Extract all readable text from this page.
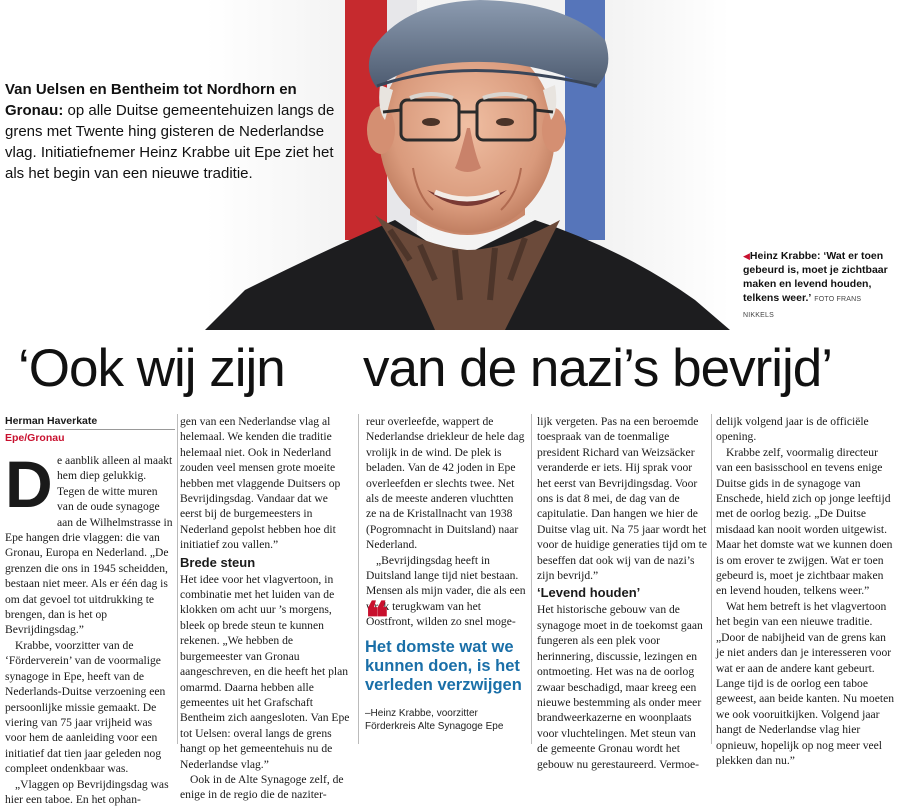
Van Uelsen en Bentheim tot Nordhorn en Gronau: op alle Duitse gemeentehuizen langs de grens met Twente hing gisteren de Nederlandse vlag. Initiatiefnemer Heinz Krabbe uit Epe ziet het als het begin van een nieuwe traditie.

◀Heinz Krabbe: ‘Wat er toen gebeurd is, moet je zichtbaar maken en levend houden, telkens weer.’ FOTO FRANS NIKKELS
‘Ook wij zijn van de nazi’s bevrijd’
Herman Haverkate
Epe/Gronau

De aanblik alleen al maakt hem diep gelukkig. Tegen de witte muren van de oude synagoge aan de Wilhelmstrasse in Epe hangen drie vlaggen: die van Gronau, Europa en Nederland. „De grenzen die ons in 1945 scheidden, bestaan niet meer. Als er één dag is om dat gevoel tot uitdrukking te brengen, dan is het op Bevrijdingsdag.”

Krabbe, voorzitter van de ‘Förderverein’ van de voormalige synagoge in Epe, heeft van de Nederlands-Duitse verzoening een persoonlijke missie gemaakt. De viering van 75 jaar vrijheid was voor hem de aanleiding voor een initiatief dat tien jaar geleden nog compleet ondenkbaar was.

„Vlaggen op Bevrijdingsdag was hier een taboe. En het ophan-

gen van een Nederlandse vlag al helemaal. We kenden die traditie helemaal niet. Ook in Nederland zouden veel mensen grote moeite hebben met vlaggende Duitsers op Bevrijdingsdag. Vandaar dat we eerst bij de burgemeesters in Nederland gepolst hebben hoe dit initiatief zou vallen.”

Brede steun

Het idee voor het vlagvertoon, in combinatie met het luiden van de klokken om acht uur ’s morgens, bleek op brede steun te kunnen rekenen. „We hebben de burgemeester van Gronau aangeschreven, en die heeft het plan omarmd. Daarna hebben alle gemeentes uit het Grafschaft Bentheim zich aangesloten. Van Epe tot Uelsen: overal langs de grens hangt op het gemeentehuis nu de Nederlandse vlag.”

Ook in de Alte Synagoge zelf, de enige in de regio die de naziter-

reur overleefde, wappert de Nederlandse driekleur de hele dag vrolijk in de wind. De plek is beladen. Van de 42 joden in Epe overleefden er slechts twee. Net als de meeste anderen vluchtten ze na de Kristallnacht van 1938 (Pogromnacht in Duitsland) naar Nederland.

„Bevrijdingsdag heeft in Duitsland lange tijd niet bestaan. Mensen als mijn vader, die als een wrak terugkwam van het Oostfront, wilden zo snel moge-

❝
Het domste wat we kunnen doen, is het verleden verzwijgen
–Heinz Krabbe, voorzitter Förderkreis Alte Synagoge Epe

lijk vergeten. Pas na een beroemde toespraak van de toenmalige president Richard van Weizsäcker veranderde er iets. Hij sprak voor het eerst van Bevrijdingsdag. Voor ons is dat 8 mei, de dag van de capitulatie. Dan hangen we hier de Duitse vlag uit. Na 75 jaar wordt het voor de huidige generaties tijd om te beseffen dat ook wij van de nazi’s zijn bevrijd.”

‘Levend houden’

Het historische gebouw van de synagoge moet in de toekomst gaan fungeren als een plek voor herinnering, discussie, lezingen en ontmoeting. Het was na de oorlog zwaar beschadigd, maar kreeg een nieuwe bestemming als onder meer brandweerkazerne en woonplaats voor vluchtelingen. Met steun van de gemeente Gronau wordt het gebouw nu gerestaureerd. Vermoe-

delijk volgend jaar is de officiële opening.

Krabbe zelf, voormalig directeur van een basisschool en tevens enige Duitse gids in de synagoge van Enschede, hield zich op jonge leeftijd met de oorlog bezig. „De Duitse misdaad kan nooit worden uitgewist. Maar het domste wat we kunnen doen is om erover te zwijgen. Wat er toen gebeurd is, moet je zichtbaar maken en levend houden, telkens weer.”

Wat hem betreft is het vlagvertoon het begin van een nieuwe traditie. „Door de nabijheid van de grens kan je niet anders dan je interesseren voor wat er aan de andere kant gebeurt. Lange tijd is de oorlog een taboe geweest, aan beide kanten. Nu moeten we ook vooruitkijken. Volgend jaar hangt de Nederlandse vlag hier opnieuw, hopelijk op nog meer veel plekken dan nu.”
